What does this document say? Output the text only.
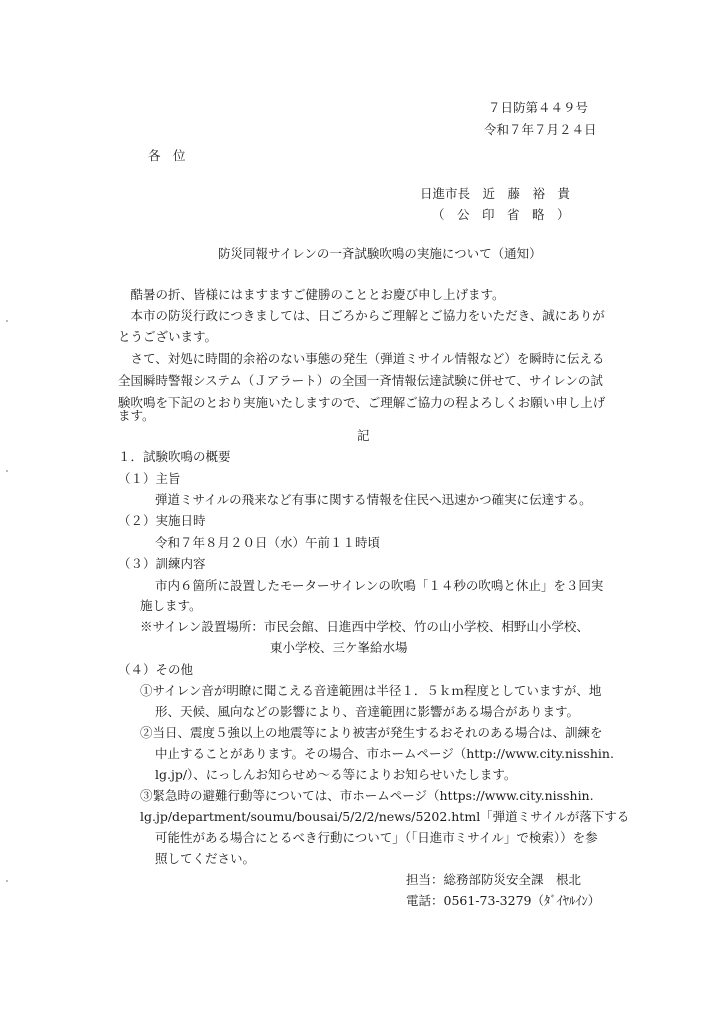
７日防第４４９号
令和７年７月２４日
各　位
日進市長　近　藤　裕　貴
（　公　印　省　略　）
防災同報サイレンの一斉試験吹鳴の実施について（通知）
　酷暑の折、皆様にはますますご健勝のこととお慶び申し上げます。
　本市の防災行政につきましては、日ごろからご理解とご協力をいただき、誠にありが
とうございます。
　さて、対処に時間的余裕のない事態の発生（弾道ミサイル情報など）を瞬時に伝える
全国瞬時警報システム（Ｊアラート）の全国一斉情報伝達試験に併せて、サイレンの試
験吹鳴を下記のとおり実施いたしますので、ご理解ご協力の程よろしくお願い申し上げ
ます。
記
１．試験吹鳴の概要
（１）主旨
弾道ミサイルの飛来など有事に関する情報を住民へ迅速かつ確実に伝達する。
（２）実施日時
令和７年８月２０日（水）午前１１時頃
（３）訓練内容
市内６箇所に設置したモーターサイレンの吹鳴「１４秒の吹鳴と休止」を３回実
施します。
※サイレン設置場所：市民会館、日進西中学校、竹の山小学校、相野山小学校、
東小学校、三ケ峯給水場
（４）その他
①サイレン音が明瞭に聞こえる音達範囲は半径１．５ｋｍ程度としていますが、地
形、天候、風向などの影響により、音達範囲に影響がある場合があります。
②当日、震度５強以上の地震等により被害が発生するおそれのある場合は、訓練を
中止することがあります。その場合、市ホームページ（http://www.city.nisshin.
lg.jp/）、にっしんお知らせめ～る等によりお知らせいたします。
③緊急時の避難行動等については、市ホームページ（https://www.city.nisshin.
lg.jp/department/soumu/bousai/5/2/2/news/5202.html「弾道ミサイルが落下する
可能性がある場合にとるべき行動について」（「日進市ミサイル」で検索））を参
照してください。
担当：総務部防災安全課　根北
電話：0561-73-3279（ﾀﾞｲﾔﾙｲﾝ）
